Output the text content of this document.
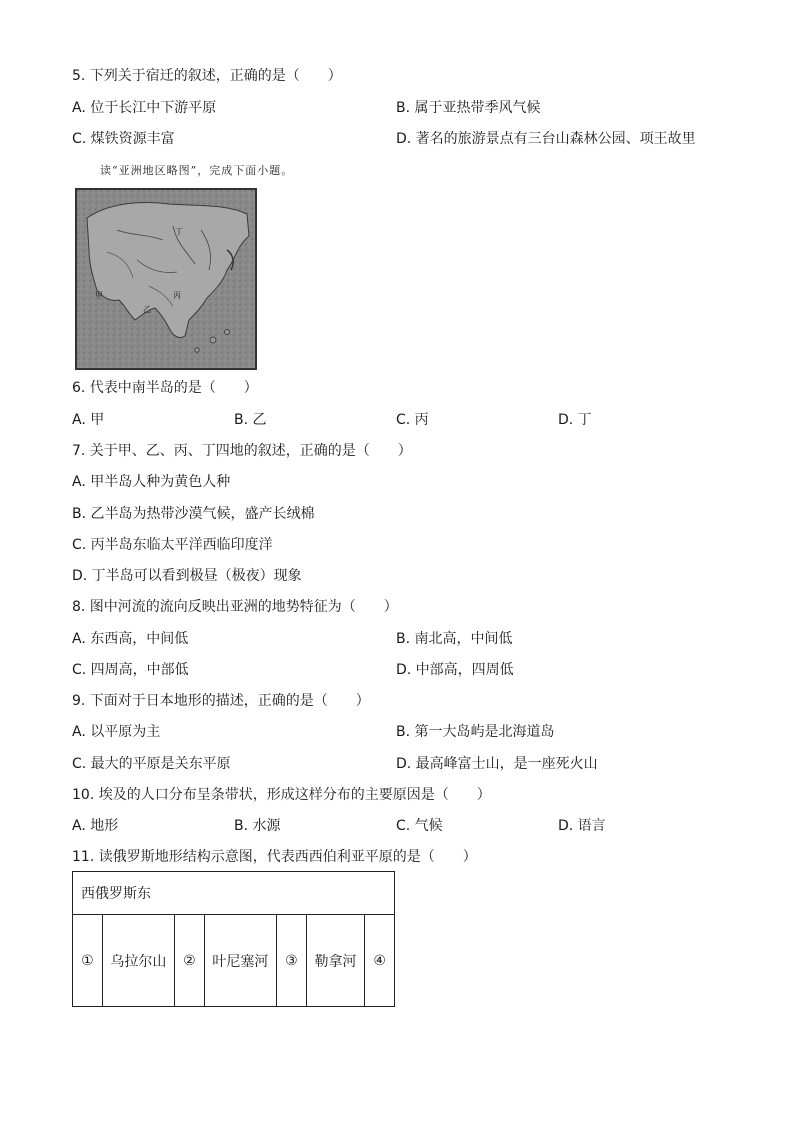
5. 下列关于宿迁的叙述，正确的是（　　）
A. 位于长江中下游平原	B. 属于亚热带季风气候
C. 煤铁资源丰富	D. 著名的旅游景点有三台山森林公园、项王故里
读“亚洲地区略图”，完成下面小题。
甲
乙
丙
丁
6. 代表中南半岛的是（　　）
A. 甲	B. 乙	C. 丙	D. 丁
7. 关于甲、乙、丙、丁四地的叙述，正确的是（　　）
A. 甲半岛人种为黄色人种
B. 乙半岛为热带沙漠气候，盛产长绒棉
C. 丙半岛东临太平洋西临印度洋
D. 丁半岛可以看到极昼（极夜）现象
8. 图中河流的流向反映出亚洲的地势特征为（　　）
A. 东西高，中间低	B. 南北高，中间低
C. 四周高，中部低	D. 中部高，四周低
9. 下面对于日本地形的描述，正确的是（　　）
A. 以平原为主	B. 第一大岛屿是北海道岛
C. 最大的平原是关东平原	D. 最高峰富士山，是一座死火山
10. 埃及的人口分布呈条带状，形成这样分布的主要原因是（　　）
A. 地形	B. 水源	C. 气候	D. 语言
11. 读俄罗斯地形结构示意图，代表西西伯利亚平原的是（　　）
西俄罗斯东
①	乌拉尔山	②	叶尼塞河	③	勒拿河	④
